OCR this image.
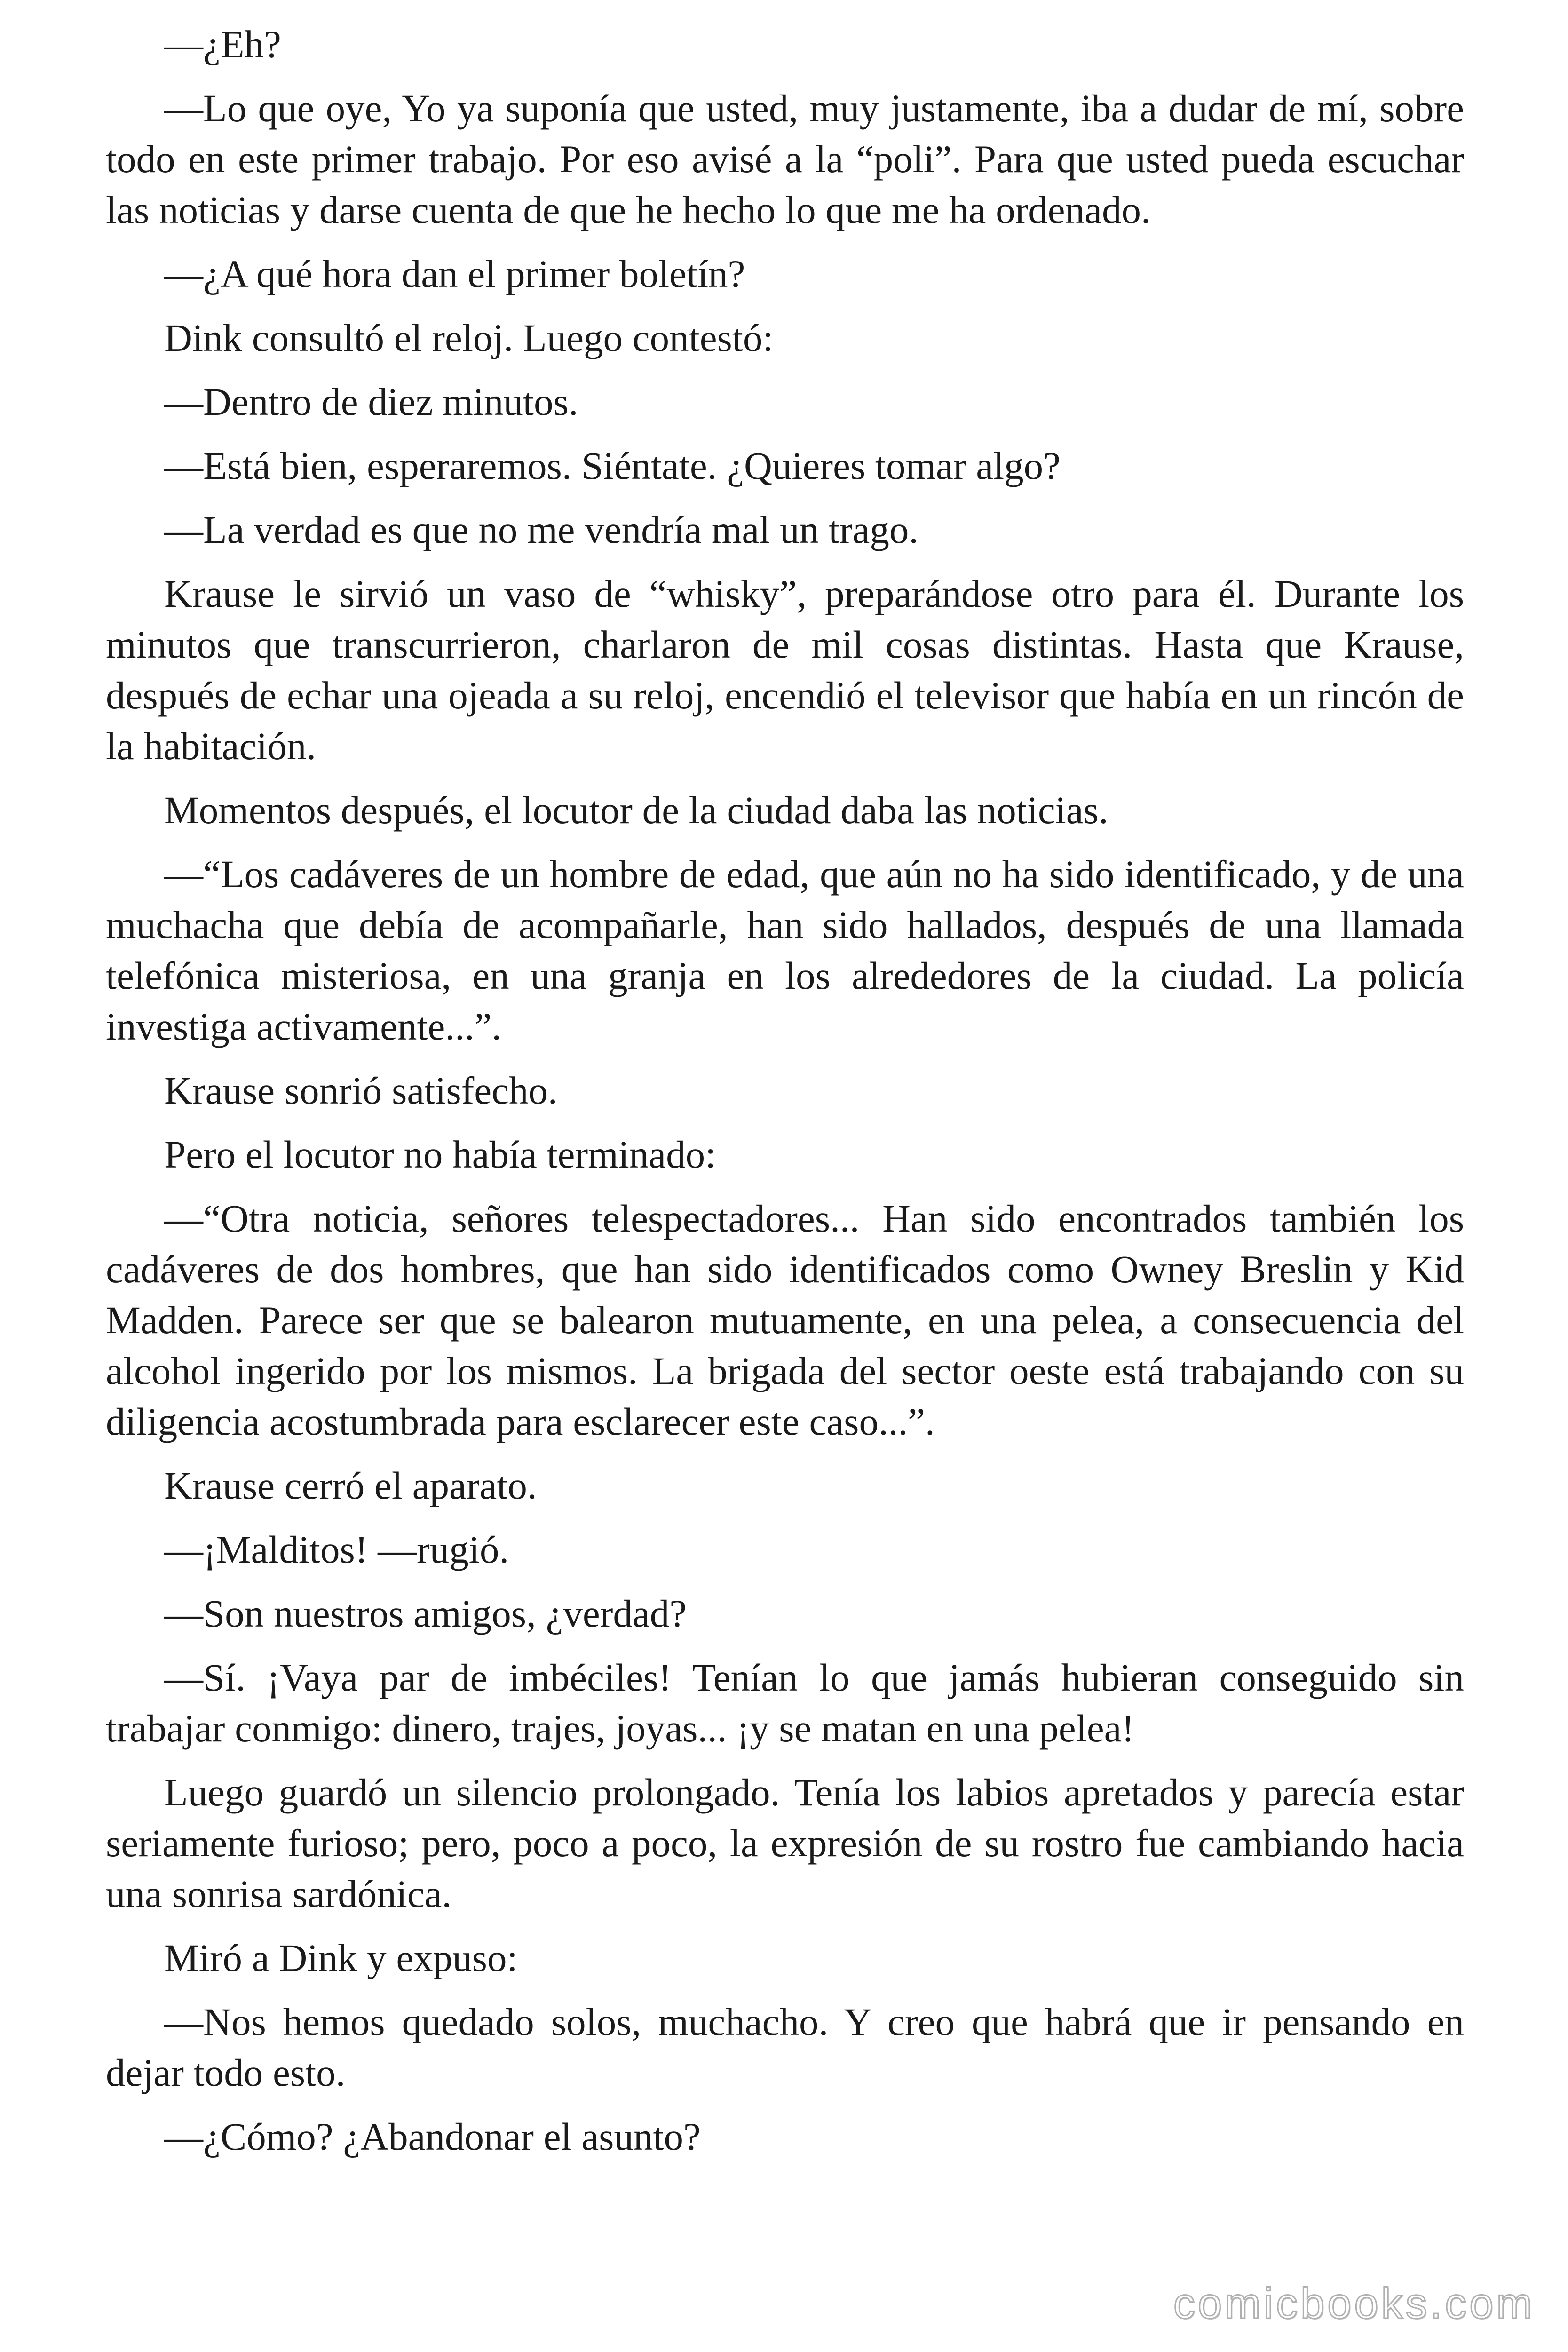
—¿Eh?

—Lo que oye, Yo ya suponía que usted, muy justamente, iba a dudar de mí, sobre todo en este primer trabajo. Por eso avisé a la “poli”. Para que usted pueda escuchar las noticias y darse cuenta de que he hecho lo que me ha ordenado.

—¿A qué hora dan el primer boletín?

Dink consultó el reloj. Luego contestó:

—Dentro de diez minutos.

—Está bien, esperaremos. Siéntate. ¿Quieres tomar algo?

—La verdad es que no me vendría mal un trago.

Krause le sirvió un vaso de “whisky”, preparándose otro para él. Durante los minutos que transcurrieron, charlaron de mil cosas distintas. Hasta que Krause, después de echar una ojeada a su reloj, encendió el televisor que había en un rincón de la habitación.

Momentos después, el locutor de la ciudad daba las noticias.

—“Los cadáveres de un hombre de edad, que aún no ha sido identificado, y de una muchacha que debía de acompañarle, han sido hallados, después de una llamada telefónica misteriosa, en una granja en los alrededores de la ciudad. La policía investiga activamente...”.

Krause sonrió satisfecho.

Pero el locutor no había terminado:

—“Otra noticia, señores telespectadores... Han sido encontrados también los cadáveres de dos hombres, que han sido identificados como Owney Breslin y Kid Madden. Parece ser que se balearon mutuamente, en una pelea, a consecuencia del alcohol ingerido por los mismos. La brigada del sector oeste está trabajando con su diligencia acostumbrada para esclarecer este caso...”.

Krause cerró el aparato.

—¡Malditos! —rugió.

—Son nuestros amigos, ¿verdad?

—Sí. ¡Vaya par de imbéciles! Tenían lo que jamás hubieran conseguido sin trabajar conmigo: dinero, trajes, joyas... ¡y se matan en una pelea!

Luego guardó un silencio prolongado. Tenía los labios apretados y parecía estar seriamente furioso; pero, poco a poco, la expresión de su rostro fue cambiando hacia una sonrisa sardónica.

Miró a Dink y expuso:

—Nos hemos quedado solos, muchacho. Y creo que habrá que ir pensando en dejar todo esto.

—¿Cómo? ¿Abandonar el asunto?

comicbooks.com
